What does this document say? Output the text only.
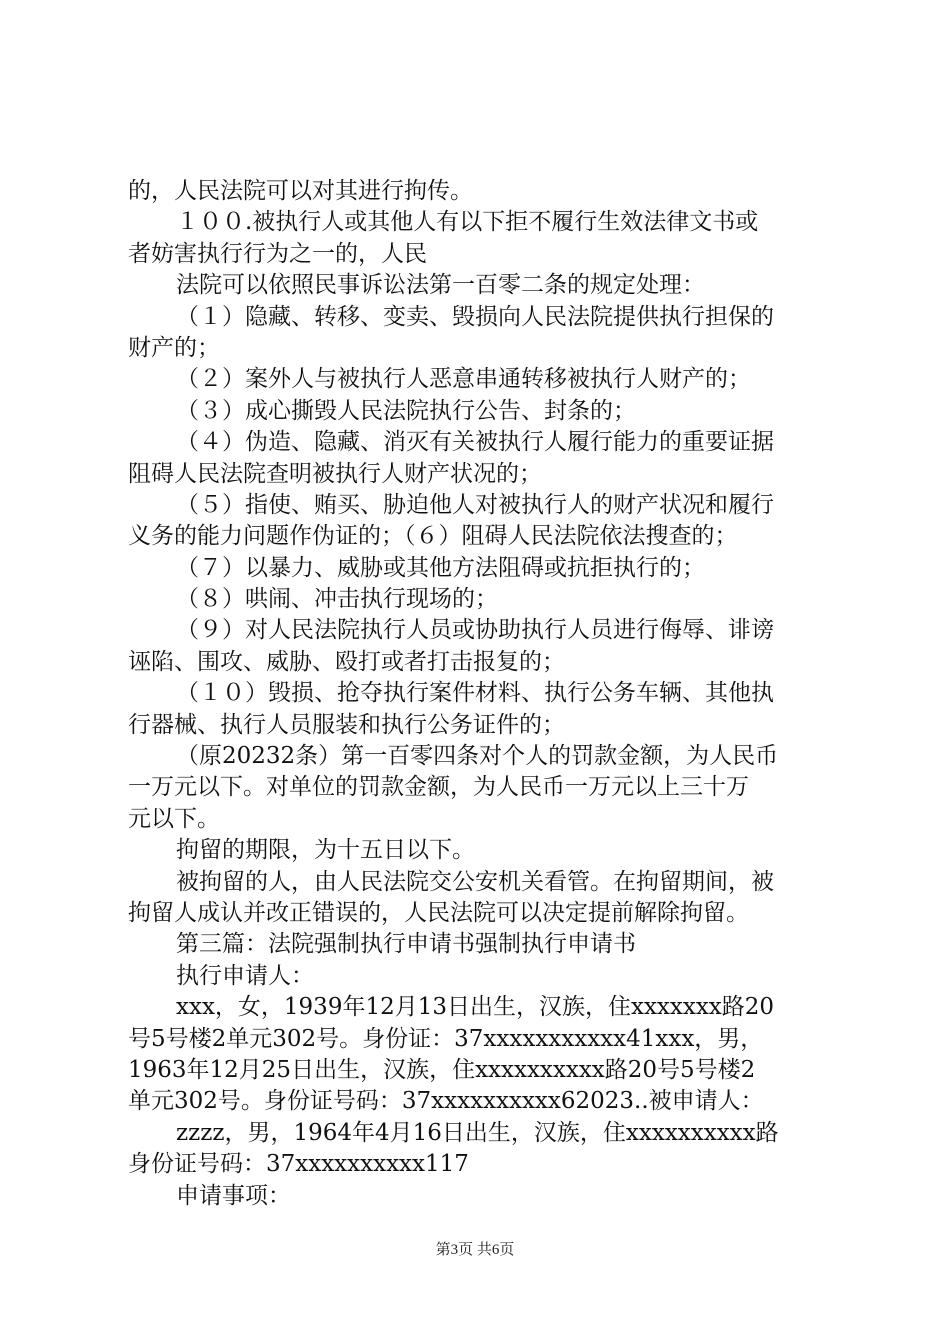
的，人民法院可以对其进行拘传。
１００.被执行人或其他人有以下拒不履行生效法律文书或
者妨害执行行为之一的，人民
法院可以依照民事诉讼法第一百零二条的规定处理：
（１）隐藏、转移、变卖、毁损向人民法院提供执行担保的
财产的；
（２）案外人与被执行人恶意串通转移被执行人财产的；
（３）成心撕毁人民法院执行公告、封条的；
（４）伪造、隐藏、消灭有关被执行人履行能力的重要证据
阻碍人民法院查明被执行人财产状况的；
（５）指使、贿买、胁迫他人对被执行人的财产状况和履行
义务的能力问题作伪证的；（６）阻碍人民法院依法搜查的；
（７）以暴力、威胁或其他方法阻碍或抗拒执行的；
（８）哄闹、冲击执行现场的；
（９）对人民法院执行人员或协助执行人员进行侮辱、诽谤
诬陷、围攻、威胁、殴打或者打击报复的；
（１０）毁损、抢夺执行案件材料、执行公务车辆、其他执
行器械、执行人员服装和执行公务证件的；
（原20232条）第一百零四条对个人的罚款金额，为人民币
一万元以下。对单位的罚款金额，为人民币一万元以上三十万
元以下。
拘留的期限，为十五日以下。
被拘留的人，由人民法院交公安机关看管。在拘留期间，被
拘留人成认并改正错误的，人民法院可以决定提前解除拘留。
第三篇：法院强制执行申请书强制执行申请书
执行申请人：
xxx，女，1939年12月13日出生，汉族，住xxxxxxx路20
号5号楼2单元302号。身份证：37xxxxxxxxxxx41xxx，男，
1963年12月25日出生，汉族，住xxxxxxxxxx路20号5号楼2
单元302号。身份证号码：37xxxxxxxxxx62023..被申请人：
zzzz，男，1964年4月16日出生，汉族，住xxxxxxxxxx路
身份证号码：37xxxxxxxxxx117
申请事项：
第3页 共6页
